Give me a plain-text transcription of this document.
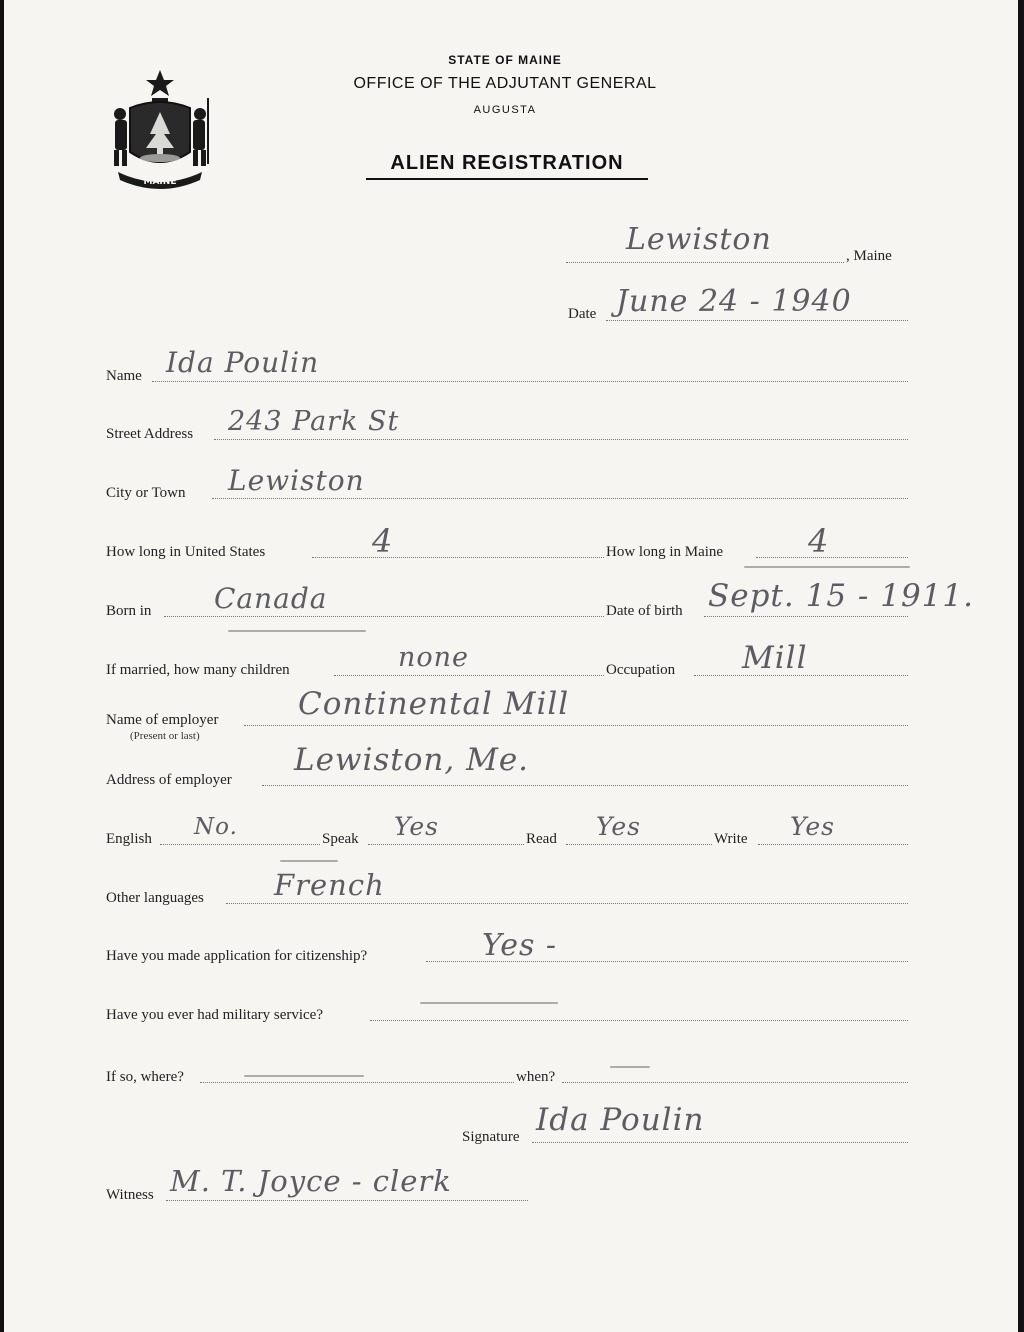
MAINE
STATE OF MAINE
OFFICE OF THE ADJUTANT GENERAL
AUGUSTA
ALIEN REGISTRATION
Lewiston	, Maine
Date June 24 - 1940
Name Ida Poulin
Street Address 243 Park St
City or Town Lewiston
How long in United States	4	How long in Maine	4
Born in Canada	Date of birth Sept. 15 - 1911.
If married, how many children	none	Occupation Mill
Name of employer
(Present or last)
Continental Mill
Address of employer
Lewiston, Me.
English No.	Speak Yes	Read Yes	Write Yes
Other languages French
Have you made application for citizenship?	Yes -
Have you ever had military service?
If so, where?	when?
Signature Ida Poulin
Witness M. T. Joyce - clerk
